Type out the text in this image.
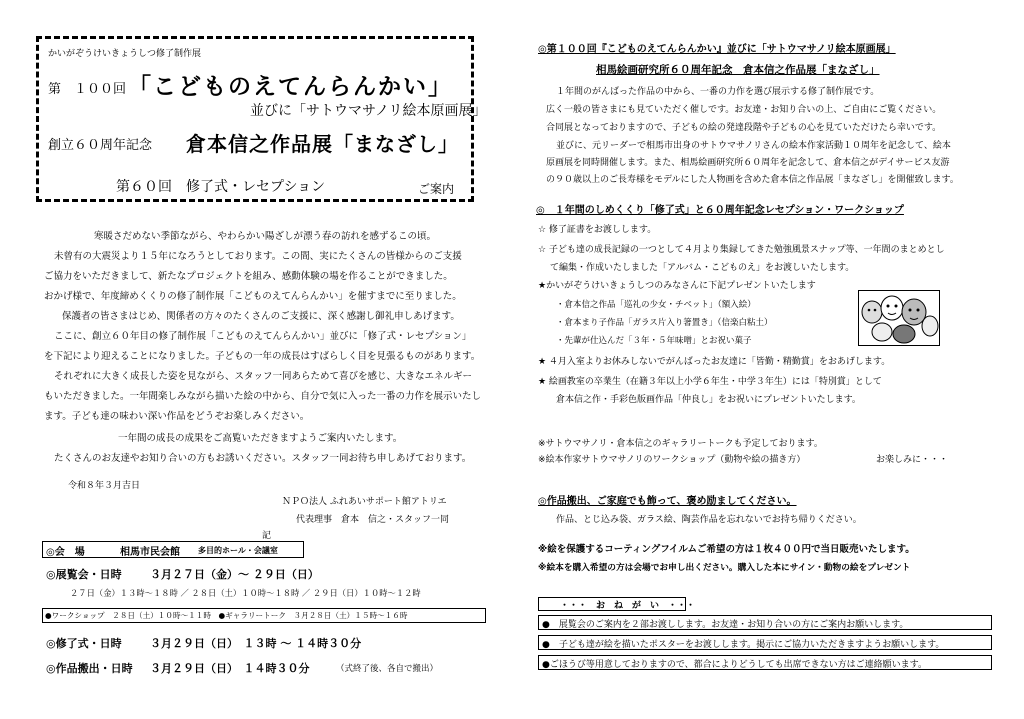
かいがぞうけいきょうしつ修了制作展
第　１００回 「こどものえてんらんかい」
並びに「サトウマサノリ絵本原画展」
創立６０周年記念 倉本信之作品展「まなざし」
第６０回　修了式・レセプション	ご案内
寒暖さだめない季節ながら、やわらかい陽ざしが漂う春の訪れを感ずるこの頃。
未曾有の大震災より１５年になろうとしております。この間、実にたくさんの皆様からのご支援
ご協力をいただきまして、新たなプロジェクトを組み、感動体験の場を作ることができました。
おかげ様で、年度締めくくりの修了制作展「こどものえてんらんかい」を催すまでに至りました。
保護者の皆さまはじめ、関係者の方々のたくさんのご支援に、深く感謝し御礼申しあげます。
ここに、創立６０年目の修了制作展「こどものえてんらんかい」並びに「修了式・レセプション」
を下記により迎えることになりました。子どもの一年の成長はすばらしく目を見張るものがあります。
それぞれに大きく成長した姿を見ながら、スタッフ一同あらためて喜びを感じ、大きなエネルギー
もいただきました。一年間楽しみながら描いた絵の中から、自分で気に入った一番の力作を展示いたし
ます。子ども達の味わい深い作品をどうぞお楽しみください。
一年間の成長の成果をご高覧いただきますようご案内いたします。
たくさんのお友達やお知り合いの方もお誘いください。スタッフ一同お待ち申しあげております。
令和８年３月吉日
ＮＰＯ法人 ふれあいサポート館アトリエ
代表理事　倉本　信之・スタッフ一同
記
◎会　場	相馬市民会館 多目的ホール・会議室
◎展覧会・日時	３月２７日（金）～ ２９日（日）
２７日（金）１３時～１８時 ／ ２８日（土）１０時～１８時 ／ ２９日（日）１０時～１２時
●ワークショップ　２８日（土）１０時～１１時　●ギャラリートーク　３月２８日（土）１５時～１６時
◎修了式・日時	３月２９日（日）　１３時 ～ １４時３０分
◎作品搬出・日時 ３月２９日（日）　１４時３０分	（式終了後、各自で搬出）
◎第１００回『こどものえてんらんかい』並びに「サトウマサノリ絵本原画展」
相馬絵画研究所６０周年記念　倉本信之作品展「まなざし」
１年間のがんばった作品の中から、一番の力作を選び展示する修了制作展です。
広く一般の皆さまにも見ていただく催しです。お友達・お知り合いの上、ご自由にご覧ください。
合同展となっておりますので、子どもの絵の発達段階や子どもの心を見ていただけたら幸いです。
並びに、元リーダーで相馬市出身のサトウマサノリさんの絵本作家活動１０周年を記念して、絵本
原画展を同時開催します。また、相馬絵画研究所６０周年を記念して、倉本信之がデイサービス友游
の９０歳以上のご長寿様をモデルにした人物画を含めた倉本信之作品展「まなざし」を開催致します。
◎　１年間のしめくくり「修了式」と６０周年記念レセプション・ワークショップ
☆ 修了証書をお渡しします。
☆ 子ども達の成長記録の一つとして４月より集録してきた勉強風景スナップ等、一年間のまとめとし
て編集・作成いたしました「アルバム・こどものえ」をお渡しいたします。
★かいがぞうけいきょうしつのみなさんに下記プレゼントいたします
・倉本信之作品「巡礼の少女・チベット」（額入絵）
・倉本まり子作品「ガラス片入り箸置き」（信楽白粘土）
・先輩が仕込んだ「３年・５年味噌」とお祝い菓子
★ ４月入室よりお休みしないでがんばったお友達に「皆勤・精勤賞」をおあげします。
★ 絵画教室の卒業生（在籍３年以上小学６年生・中学３年生）には「特別賞」として
倉本信之作・手彩色版画作品「仲良し」をお祝いにプレゼントいたします。
※サトウマサノリ・倉本信之のギャラリートークも予定しております。
※絵本作家サトウマサノリのワークショップ（動物や絵の描き方）	お楽しみに・・・
◎作品搬出、ご家庭でも飾って、褒め励ましてください。
作品、とじ込み袋、ガラス絵、陶芸作品を忘れないでお持ち帰りください。
※絵を保護するコーティングフイルムご希望の方は１枚４００円で当日販売いたします。
※絵本を購入希望の方は会場でお申し出ください。購入した本にサイン・動物の絵をプレゼント
・・・　お　ね　が　い　・・・
●　展覧会のご案内を２部お渡しします。お友達・お知り合いの方にご案内お願いします。
●　子ども達が絵を描いたポスターをお渡しします。掲示にご協力いただきますようお願いします。
●ごほうび等用意しておりますので、都合によりどうしても出席できない方はご連絡願います。
